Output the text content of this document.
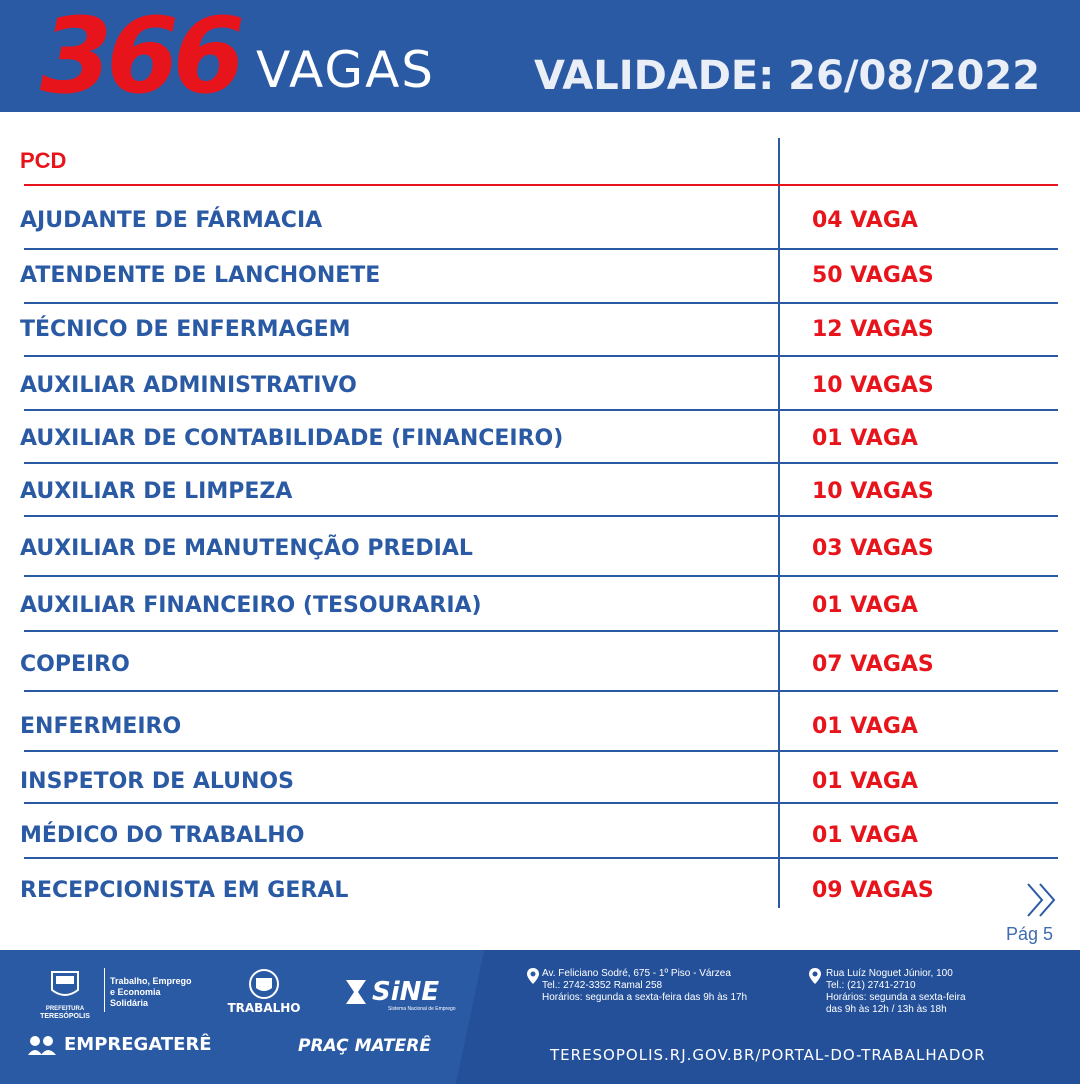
366 VAGAS VALIDADE: 26/08/2022
PCD
AJUDANTE DE FÁRMACIA	04 VAGA
ATENDENTE DE LANCHONETE	50 VAGAS
TÉCNICO DE ENFERMAGEM	12 VAGAS
AUXILIAR ADMINISTRATIVO	10 VAGAS
AUXILIAR DE CONTABILIDADE (FINANCEIRO)	01 VAGA
AUXILIAR DE LIMPEZA	10 VAGAS
AUXILIAR DE MANUTENÇÃO PREDIAL	03 VAGAS
AUXILIAR FINANCEIRO (TESOURARIA)	01 VAGA
COPEIRO	07 VAGAS
ENFERMEIRO	01 VAGA
INSPETOR DE ALUNOS	01 VAGA
MÉDICO DO TRABALHO	01 VAGA
RECEPCIONISTA EM GERAL	09 VAGAS
Pág 5
PREFEITURA
TERESÓPOLIS
Trabalho, Emprego
e Economia
Solidária	TRABALHO
SiNE
Sistema Nacional de Emprego
EMPREGATERÊ	PRAÇ MATERÊ
Av. Feliciano Sodré, 675 - 1º Piso - Várzea
Tel.: 2742-3352 Ramal 258
Horários: segunda a sexta-feira das 9h às 17h
Rua Luíz Noguet Júnior, 100
Tel.: (21) 2741-2710
Horários: segunda a sexta-feira
das 9h às 12h / 13h às 18h
TERESOPOLIS.RJ.GOV.BR/PORTAL-DO-TRABALHADOR
